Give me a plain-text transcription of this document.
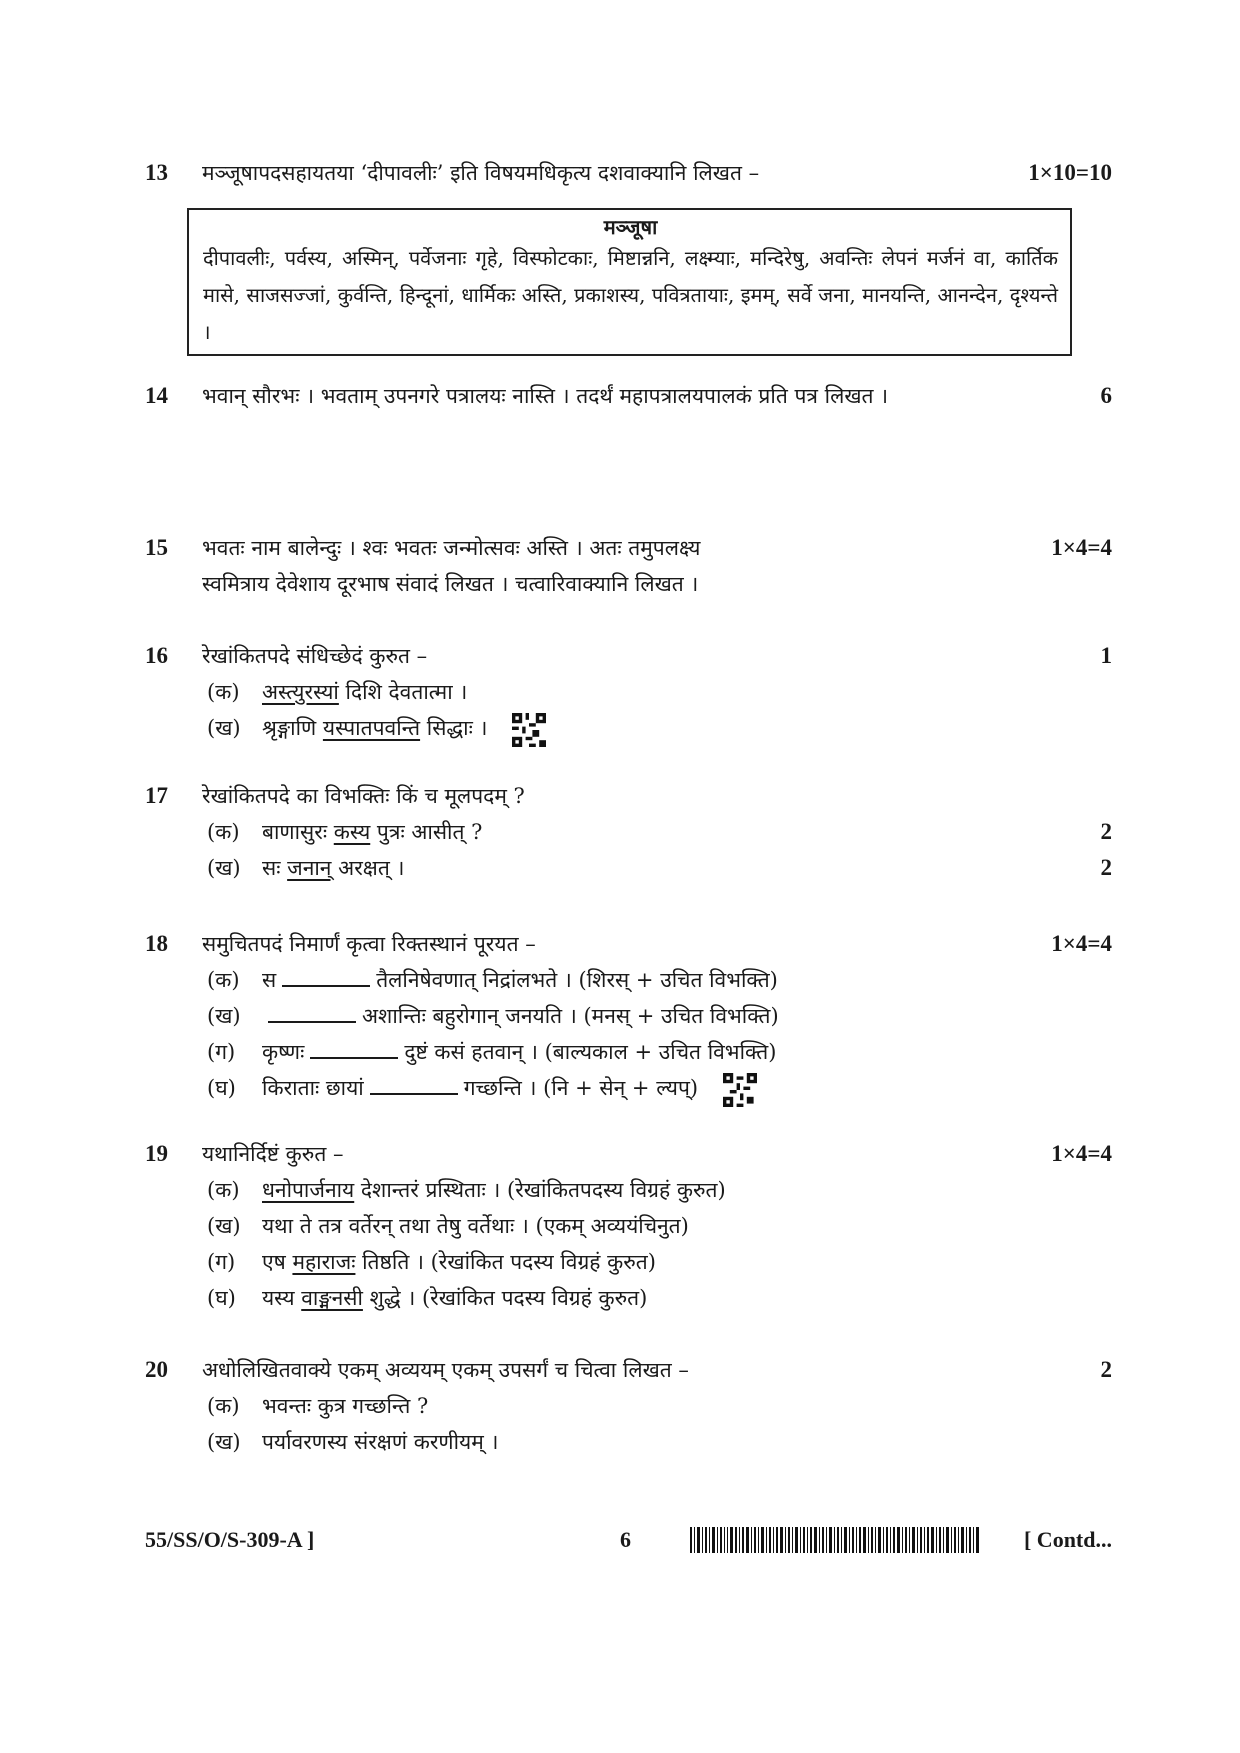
13 मञ्जूषापदसहायतया ‘दीपावलीः’ इति विषयमधिकृत्य दशवाक्यानि लिखत –	1×10=10
मञ्जूषा
दीपावलीः, पर्वस्य, अस्मिन्, पर्वेजनाः गृहे, विस्फोटकाः, मिष्टान्ननि, लक्ष्म्याः, मन्दिरेषु, अवन्तिः लेपनं मर्जनं वा, कार्तिक मासे, साजसज्जां, कुर्वन्ति, हिन्दूनां, धार्मिकः अस्ति, प्रकाशस्य, पवित्रतायाः, इमम्, सर्वे जना, मानयन्ति, आनन्देन, दृश्यन्ते ।
14 भवान् सौरभः । भवताम् उपनगरे पत्रालयः नास्ति । तदर्थं महापत्रालयपालकं प्रति पत्र लिखत ।	6
15 भवतः नाम बालेन्दुः । श्वः भवतः जन्मोत्सवः अस्ति । अतः तमुपलक्ष्य	1×4=4
स्वमित्राय देवेशाय दूरभाष संवादं लिखत । चत्वारिवाक्यानि लिखत ।
16 रेखांकितपदे संधिच्छेदं कुरुत –	1
(क) अस्त्युरस्यां दिशि देवतात्मा ।
(ख) श्रृङ्गाणि यस्पातपवन्ति सिद्धाः ।
17 रेखांकितपदे का विभक्तिः किं च मूलपदम् ?
(क) बाणासुरः कस्य पुत्रः आसीत् ?	2
(ख) सः जनान् अरक्षत् ।	2
18 समुचितपदं निमार्णं कृत्वा रिक्तस्थानं पूरयत –	1×4=4
(क) स	तैलनिषेवणात् निद्रांलभते । (शिरस् + उचित विभक्ति)
(ख)	अशान्तिः बहुरोगान् जनयति । (मनस् + उचित विभक्ति)
(ग) कृष्णः	दुष्टं कसं हतवान् । (बाल्यकाल + उचित विभक्ति)
(घ) किराताः छायां	गच्छन्ति । (नि + सेन् + ल्यप्)
19 यथानिर्दिष्टं कुरुत –	1×4=4
(क) धनोपार्जनाय देशान्तरं प्रस्थिताः । (रेखांकितपदस्य विग्रहं कुरुत)
(ख) यथा ते तत्र वर्तेरन् तथा तेषु वर्तेथाः । (एकम् अव्ययंचिनुत)
(ग) एष महाराजः तिष्ठति । (रेखांकित पदस्य विग्रहं कुरुत)
(घ) यस्य वाङ्मनसी शुद्धे । (रेखांकित पदस्य विग्रहं कुरुत)
20 अधोलिखितवाक्ये एकम् अव्ययम् एकम् उपसर्गं च चित्वा लिखत –	2
(क) भवन्तः कुत्र गच्छन्ति ?
(ख) पर्यावरणस्य संरक्षणं करणीयम् ।
55/SS/O/S-309-A ]	6	[ Contd...
